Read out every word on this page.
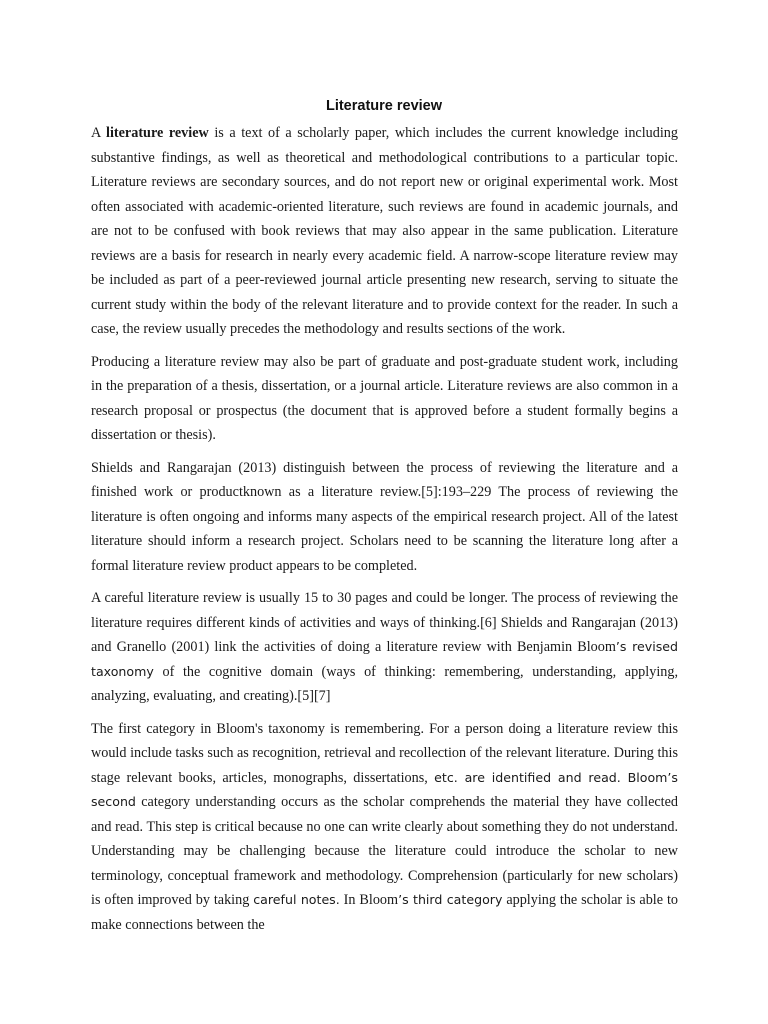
Literature review

A literature review is a text of a scholarly paper, which includes the current knowledge including substantive findings, as well as theoretical and methodological contributions to a particular topic. Literature reviews are secondary sources, and do not report new or original experimental work. Most often associated with academic-oriented literature, such reviews are found in academic journals, and are not to be confused with book reviews that may also appear in the same publication. Literature reviews are a basis for research in nearly every academic field. A narrow-scope literature review may be included as part of a peer-reviewed journal article presenting new research, serving to situate the current study within the body of the relevant literature and to provide context for the reader. In such a case, the review usually precedes the methodology and results sections of the work.

Producing a literature review may also be part of graduate and post-graduate student work, including in the preparation of a thesis, dissertation, or a journal article. Literature reviews are also common in a research proposal or prospectus (the document that is approved before a student formally begins a dissertation or thesis).

Shields and Rangarajan (2013) distinguish between the process of reviewing the literature and a finished work or productknown as a literature review.[5]:193–229 The process of reviewing the literature is often ongoing and informs many aspects of the empirical research project. All of the latest literature should inform a research project. Scholars need to be scanning the literature long after a formal literature review product appears to be completed.

A careful literature review is usually 15 to 30 pages and could be longer. The process of reviewing the literature requires different kinds of activities and ways of thinking.[6] Shields and Rangarajan (2013) and Granello (2001) link the activities of doing a literature review with Benjamin Bloom’s revised taxonomy of the cognitive domain (ways of thinking: remembering, understanding, applying, analyzing, evaluating, and creating).[5][7]

The first category in Bloom's taxonomy is remembering. For a person doing a literature review this would include tasks such as recognition, retrieval and recollection of the relevant literature. During this stage relevant books, articles, monographs, dissertations, etc. are identified and read. Bloom’s second category understanding occurs as the scholar comprehends the material they have collected and read. This step is critical because no one can write clearly about something they do not understand. Understanding may be challenging because the literature could introduce the scholar to new terminology, conceptual framework and methodology. Comprehension (particularly for new scholars) is often improved by taking careful notes. In Bloom’s third category applying the scholar is able to make connections between the
